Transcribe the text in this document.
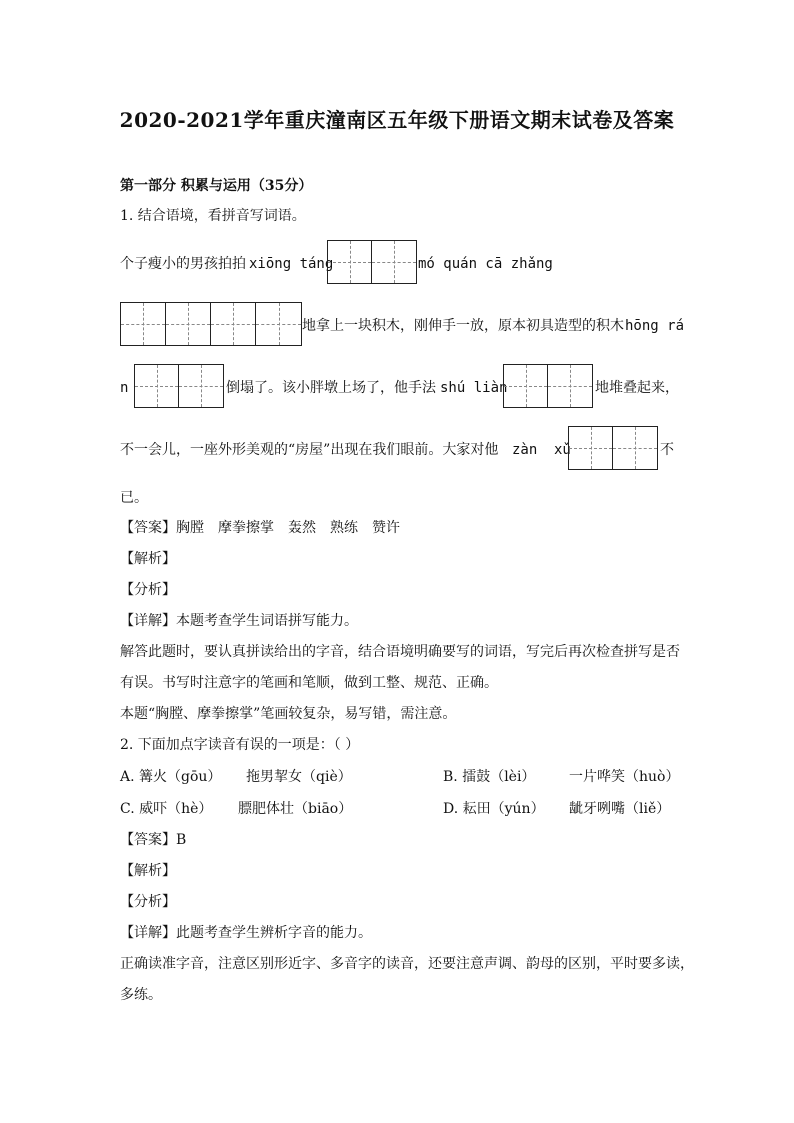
2020-2021学年重庆潼南区五年级下册语文期末试卷及答案
第一部分 积累与运用（35分）
1. 结合语境，看拼音写词语。
个子瘦小的男孩拍拍 xiōng táng	mó quán cā zhǎng
地拿上一块积木，刚伸手一放，原本初具造型的积木 hōng rá
n	倒塌了。该小胖墩上场了，他手法 shú liàn	地堆叠起来，
不一会儿，一座外形美观的“房屋”出现在我们眼前。大家对他 zàn xǔ	不
已。
【答案】胸膛　摩拳擦掌　轰然　熟练　赞许
【解析】
【分析】
【详解】本题考查学生词语拼写能力。
解答此题时，要认真拼读给出的字音，结合语境明确要写的词语，写完后再次检查拼写是否
有误。书写时注意字的笔画和笔顺，做到工整、规范、正确。
本题“胸膛、摩拳擦掌”笔画较复杂，易写错，需注意。
2. 下面加点字读音有误的一项是：（ ）
A. 篝火（gōu） 拖男挈女（qiè）	B. 擂鼓（lèi） 一片哗笑（huò）
C. 威吓（hè） 膘肥体壮（biāo）	D. 耘田（yún） 龇牙咧嘴（liě）
【答案】B
【解析】
【分析】
【详解】此题考查学生辨析字音的能力。
正确读准字音，注意区别形近字、多音字的读音，还要注意声调、韵母的区别，平时要多读，
多练。
